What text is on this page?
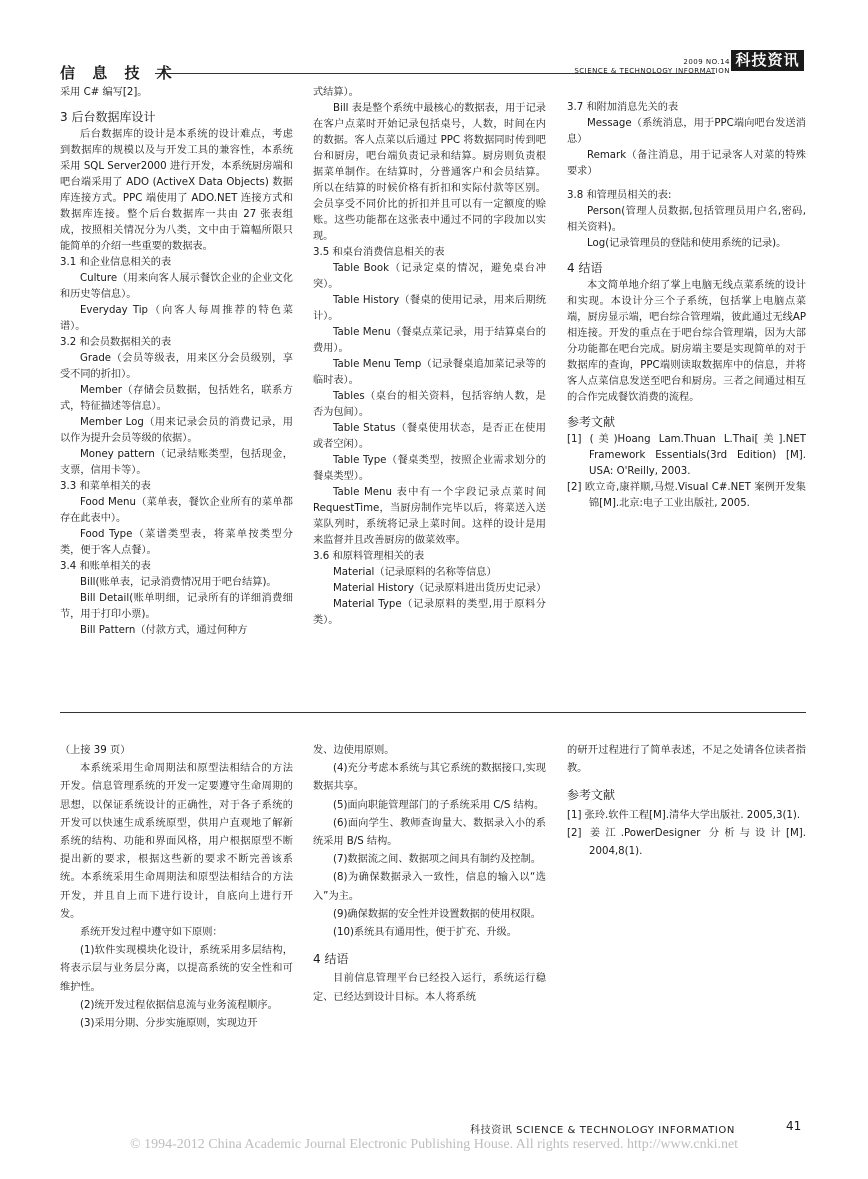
信 息 技 术
2009 NO.14
SCIENCE & TECHNOLOGY INFORMATION
科技资讯

采用 C# 编写[2]。

3 后台数据库设计

后台数据库的设计是本系统的设计难点，考虑到数据库的规模以及与开发工具的兼容性，本系统采用 SQL Server2000 进行开发，本系统厨房端和吧台端采用了 ADO (ActiveX Data Objects) 数据库连接方式。PPC 端使用了 ADO.NET 连接方式和数据库连接。整个后台数据库一共由 27 张表组成，按照相关情况分为八类，文中由于篇幅所限只能简单的介绍一些重要的数据表。

3.1 和企业信息相关的表

Culture（用来向客人展示餐饮企业的企业文化和历史等信息）。

Everyday Tip（向客人每周推荐的特色菜谱）。

3.2 和会员数据相关的表

Grade（会员等级表，用来区分会员级别，享受不同的折扣）。

Member（存储会员数据，包括姓名，联系方式，特征描述等信息）。

Member Log（用来记录会员的消费记录，用以作为提升会员等级的依据）。

Money pattern（记录结账类型，包括现金，支票，信用卡等）。

3.3 和菜单相关的表

Food Menu（菜单表，餐饮企业所有的菜单都存在此表中）。

Food Type（菜谱类型表，将菜单按类型分类，便于客人点餐）。

3.4 和账单相关的表

Bill(账单表，记录消费情况用于吧台结算)。

Bill Detail(账单明细，记录所有的详细消费细节，用于打印小票)。

Bill Pattern（付款方式，通过何种方

式结算）。

Bill 表是整个系统中最核心的数据表，用于记录在客户点菜时开始记录包括桌号，人数，时间在内的数据。客人点菜以后通过 PPC 将数据同时传到吧台和厨房，吧台端负责记录和结算。厨房则负责根据菜单制作。在结算时，分普通客户和会员结算。所以在结算的时候价格有折扣和实际付款等区别。会员享受不同价比的折扣并且可以有一定额度的赊账。这些功能都在这张表中通过不同的字段加以实现。

3.5 和桌台消费信息相关的表

Table Book（记录定桌的情况，避免桌台冲突）。

Table History（餐桌的使用记录，用来后期统计）。

Table Menu（餐桌点菜记录，用于结算桌台的费用）。

Table Menu Temp（记录餐桌追加菜记录等的临时表）。

Tables（桌台的相关资料，包括容纳人数，是否为包间）。

Table Status（餐桌使用状态，是否正在使用或者空闲）。

Table Type（餐桌类型，按照企业需求划分的餐桌类型）。

Table Menu 表中有一个字段记录点菜时间RequestTime，当厨房制作完毕以后，将菜送入送菜队列时，系统将记录上菜时间。这样的设计是用来监督并且改善厨房的做菜效率。

3.6 和原料管理相关的表

Material（记录原料的名称等信息）

Material History（记录原料进出货历史记录）

Material Type（记录原料的类型,用于原料分类）。

3.7 和附加消息先关的表

Message（系统消息，用于PPC端向吧台发送消息）

Remark（备注消息，用于记录客人对菜的特殊要求）

3.8 和管理员相关的表:

Person(管理人员数据,包括管理员用户名,密码,相关资料)。

Log(记录管理员的登陆和使用系统的记录)。

4 结语

本文简单地介绍了掌上电脑无线点菜系统的设计和实现。本设计分三个子系统，包括掌上电脑点菜端，厨房显示端，吧台综合管理端，彼此通过无线AP相连接。开发的重点在于吧台综合管理端，因为大部分功能都在吧台完成。厨房端主要是实现简单的对于数据库的查询，PPC端则读取数据库中的信息，并将客人点菜信息发送至吧台和厨房。三者之间通过相互的合作完成餐饮消费的流程。

参考文献

[1] (美)Hoang Lam.Thuan L.Thai[美].NET Framework Essentials(3rd Edition) [M]. USA: O'Reilly, 2003.

[2] 欧立奇,康祥顺,马煜.Visual C#.NET 案例开发集锦[M].北京:电子工业出版社, 2005.

（上接 39 页）

本系统采用生命周期法和原型法相结合的方法开发。信息管理系统的开发一定要遵守生命周期的思想，以保证系统设计的正确性，对于各子系统的开发可以快速生成系统原型，供用户直观地了解新系统的结构、功能和界面风格，用户根据原型不断提出新的要求，根据这些新的要求不断完善该系统。本系统采用生命周期法和原型法相结合的方法开发，并且自上而下进行设计，自底向上进行开发。

系统开发过程中遵守如下原则：

(1)软件实现模块化设计，系统采用多层结构，将表示层与业务层分离，以提高系统的安全性和可维护性。

(2)统开发过程依据信息流与业务流程顺序。

(3)采用分期、分步实施原则，实现边开

发、边使用原则。

(4)充分考虑本系统与其它系统的数据接口,实现数据共享。

(5)面向职能管理部门的子系统采用 C/S 结构。

(6)面向学生、教师查询量大、数据录入小的系统采用 B/S 结构。

(7)数据流之间、数据项之间具有制约及控制。

(8)为确保数据录入一致性，信息的输入以“选入”为主。

(9)确保数据的安全性并设置数据的使用权限。

(10)系统具有通用性，便于扩充、升级。

4 结语

目前信息管理平台已经投入运行，系统运行稳定、已经达到设计目标。本人将系统

的研开过程进行了简单表述，不足之处请各位读者指教。

参考文献

[1] 张玲.软件工程[M].清华大学出版社. 2005,3(1).

[2] 姜江.PowerDesigner 分析与设计[M]. 2004,8(1).

科技资讯 SCIENCE & TECHNOLOGY INFORMATION	41
© 1994-2012 China Academic Journal Electronic Publishing House. All rights reserved. http://www.cnki.net
